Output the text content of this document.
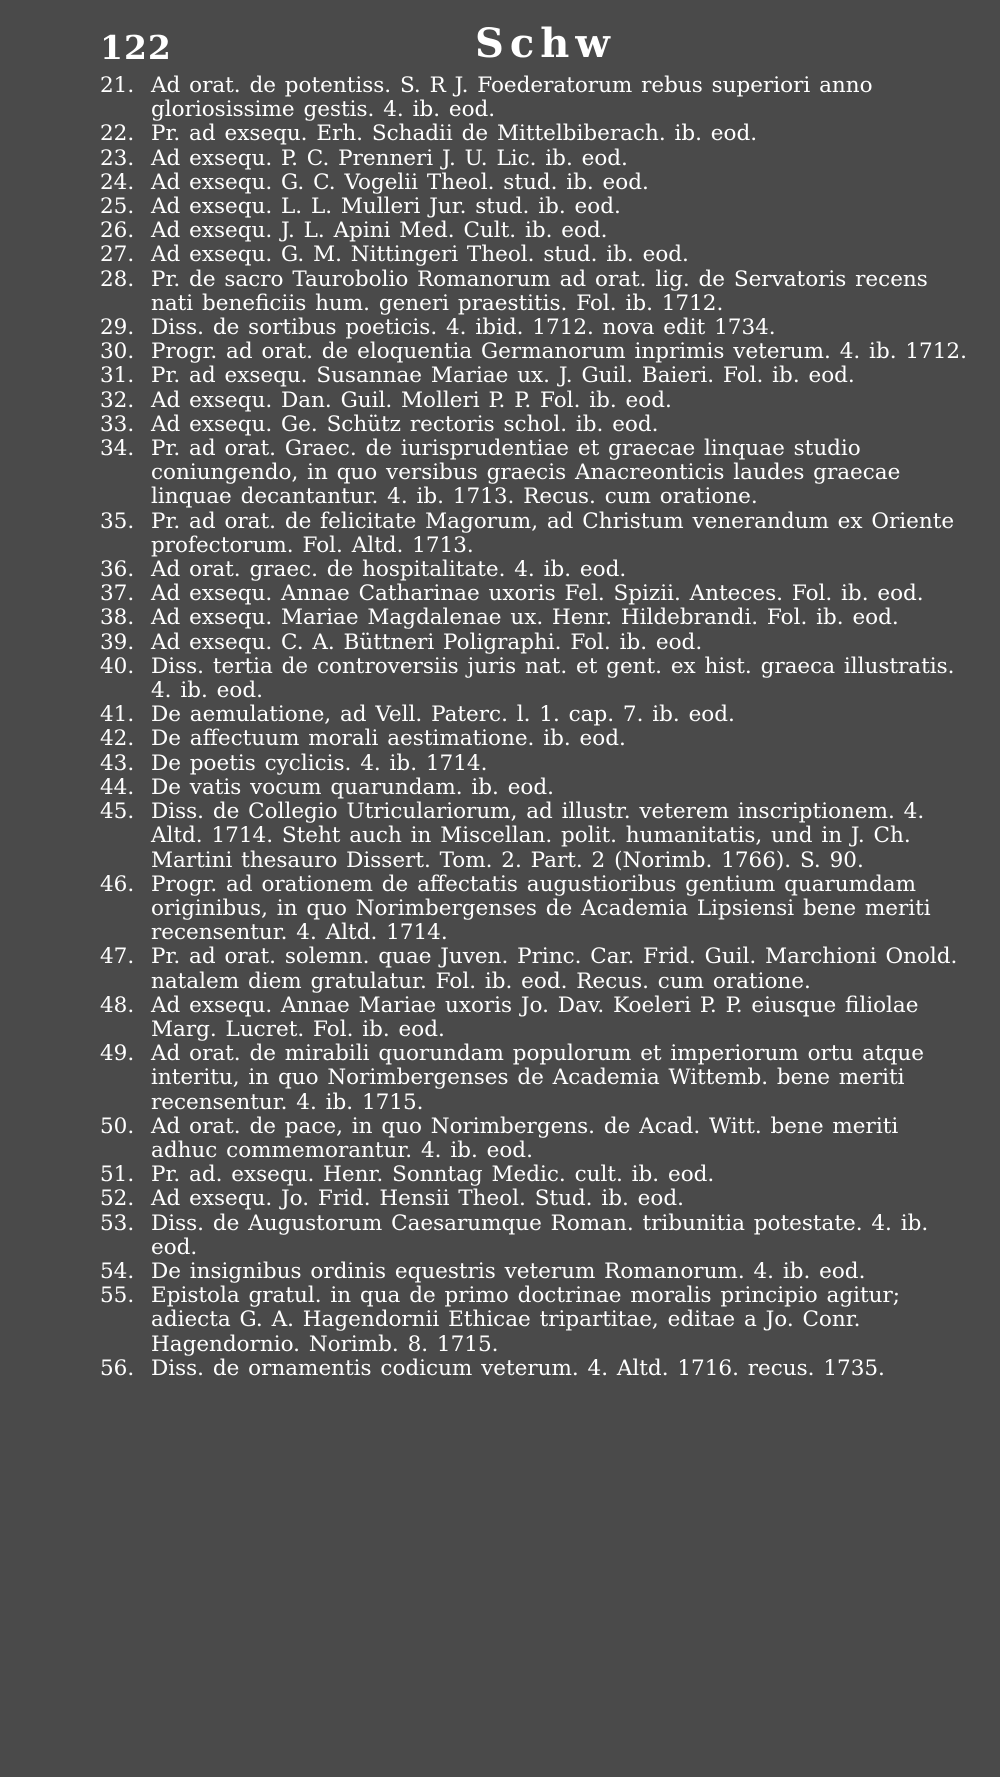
122	Schw
21. Ad orat. de potentiss. S. R J. Foederatorum rebus superiori anno gloriosissime gestis. 4. ib. eod.
22. Pr. ad exsequ. Erh. Schadii de Mittelbiberach. ib. eod.
23. Ad exsequ. P. C. Prenneri J. U. Lic. ib. eod.
24. Ad exsequ. G. C. Vogelii Theol. stud. ib. eod.
25. Ad exsequ. L. L. Mulleri Jur. stud. ib. eod.
26. Ad exsequ. J. L. Apini Med. Cult. ib. eod.
27. Ad exsequ. G. M. Nittingeri Theol. stud. ib. eod.
28. Pr. de sacro Taurobolio Romanorum ad orat. lig. de Servatoris recens nati beneficiis hum. generi praestitis. Fol. ib. 1712.
29. Diss. de sortibus poeticis. 4. ibid. 1712. nova edit 1734.
30. Progr. ad orat. de eloquentia Germanorum inprimis veterum. 4. ib. 1712.
31. Pr. ad exsequ. Susannae Mariae ux. J. Guil. Baieri. Fol. ib. eod.
32. Ad exsequ. Dan. Guil. Molleri P. P. Fol. ib. eod.
33. Ad exsequ. Ge. Schütz rectoris schol. ib. eod.
34. Pr. ad orat. Graec. de iurisprudentiae et graecae linquae studio coniungendo, in quo versibus graecis Anacreonticis laudes graecae linquae decantantur. 4. ib. 1713. Recus. cum oratione.
35. Pr. ad orat. de felicitate Magorum, ad Christum venerandum ex Oriente profectorum. Fol. Altd. 1713.
36. Ad orat. graec. de hospitalitate. 4. ib. eod.
37. Ad exsequ. Annae Catharinae uxoris Fel. Spizii. Anteces. Fol. ib. eod.
38. Ad exsequ. Mariae Magdalenae ux. Henr. Hildebrandi. Fol. ib. eod.
39. Ad exsequ. C. A. Büttneri Poligraphi. Fol. ib. eod.
40. Diss. tertia de controversiis juris nat. et gent. ex hist. graeca illustratis. 4. ib. eod.
41. De aemulatione, ad Vell. Paterc. l. 1. cap. 7. ib. eod.
42. De affectuum morali aestimatione. ib. eod.
43. De poetis cyclicis. 4. ib. 1714.
44. De vatis vocum quarundam. ib. eod.
45. Diss. de Collegio Utriculariorum, ad illustr. veterem inscriptionem. 4. Altd. 1714. Steht auch in Miscellan. polit. humanitatis, und in J. Ch. Martini thesauro Dissert. Tom. 2. Part. 2 (Norimb. 1766). S. 90.
46. Progr. ad orationem de affectatis augustioribus gentium quarumdam originibus, in quo Norimbergenses de Academia Lipsiensi bene meriti recensentur. 4. Altd. 1714.
47. Pr. ad orat. solemn. quae Juven. Princ. Car. Frid. Guil. Marchioni Onold. natalem diem gratulatur. Fol. ib. eod. Recus. cum oratione.
48. Ad exsequ. Annae Mariae uxoris Jo. Dav. Koeleri P. P. eiusque filiolae Marg. Lucret. Fol. ib. eod.
49. Ad orat. de mirabili quorundam populorum et imperiorum ortu atque interitu, in quo Norimbergenses de Academia Wittemb. bene meriti recensentur. 4. ib. 1715.
50. Ad orat. de pace, in quo Norimbergens. de Acad. Witt. bene meriti adhuc commemorantur. 4. ib. eod.
51. Pr. ad. exsequ. Henr. Sonntag Medic. cult. ib. eod.
52. Ad exsequ. Jo. Frid. Hensii Theol. Stud. ib. eod.
53. Diss. de Augustorum Caesarumque Roman. tribunitia potestate. 4. ib. eod.
54. De insignibus ordinis equestris veterum Romanorum. 4. ib. eod.
55. Epistola gratul. in qua de primo doctrinae moralis principio agitur; adiecta G. A. Hagendornii Ethicae tripartitae, editae a Jo. Conr. Hagendornio. Norimb. 8. 1715.
56. Diss. de ornamentis codicum veterum. 4. Altd. 1716. recus. 1735.
